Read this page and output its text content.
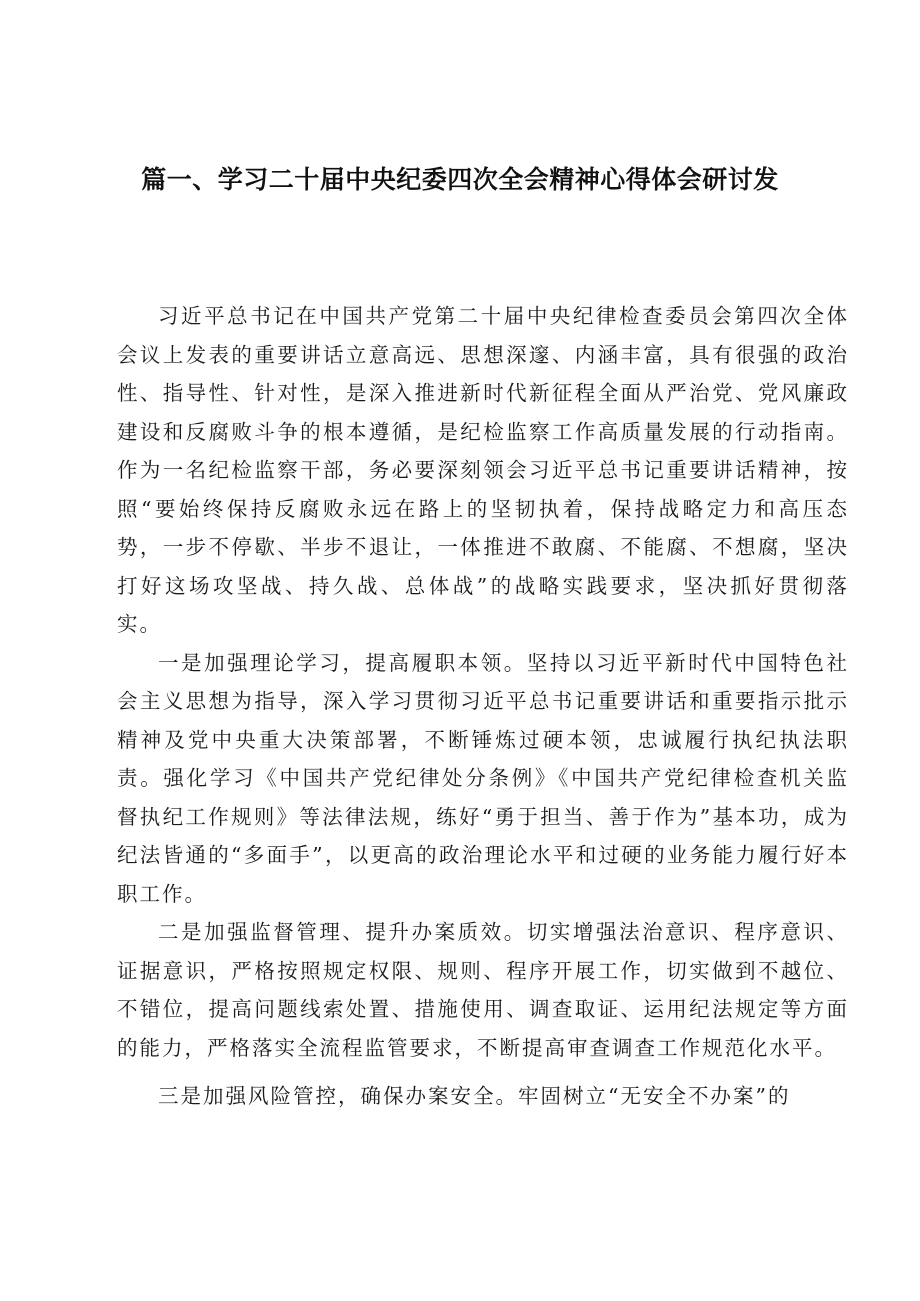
篇一、学习二十届中央纪委四次全会精神心得体会研讨发

习近平总书记在中国共产党第二十届中央纪律检查委员会第四次全体会议上发表的重要讲话立意高远、思想深邃、内涵丰富，具有很强的政治性、指导性、针对性，是深入推进新时代新征程全面从严治党、党风廉政建设和反腐败斗争的根本遵循，是纪检监察工作高质量发展的行动指南。作为一名纪检监察干部，务必要深刻领会习近平总书记重要讲话精神，按照“要始终保持反腐败永远在路上的坚韧执着，保持战略定力和高压态势，一步不停歇、半步不退让，一体推进不敢腐、不能腐、不想腐，坚决打好这场攻坚战、持久战、总体战”的战略实践要求，坚决抓好贯彻落实。

一是加强理论学习，提高履职本领。坚持以习近平新时代中国特色社会主义思想为指导，深入学习贯彻习近平总书记重要讲话和重要指示批示精神及党中央重大决策部署，不断锤炼过硬本领，忠诚履行执纪执法职责。强化学习《中国共产党纪律处分条例》《中国共产党纪律检查机关监督执纪工作规则》等法律法规，练好“勇于担当、善于作为”基本功，成为纪法皆通的“多面手”，以更高的政治理论水平和过硬的业务能力履行好本职工作。

二是加强监督管理、提升办案质效。切实增强法治意识、程序意识、证据意识，严格按照规定权限、规则、程序开展工作，切实做到不越位、不错位，提高问题线索处置、措施使用、调查取证、运用纪法规定等方面的能力，严格落实全流程监管要求，不断提高审查调查工作规范化水平。

三是加强风险管控，确保办案安全。牢固树立“无安全不办案”的
